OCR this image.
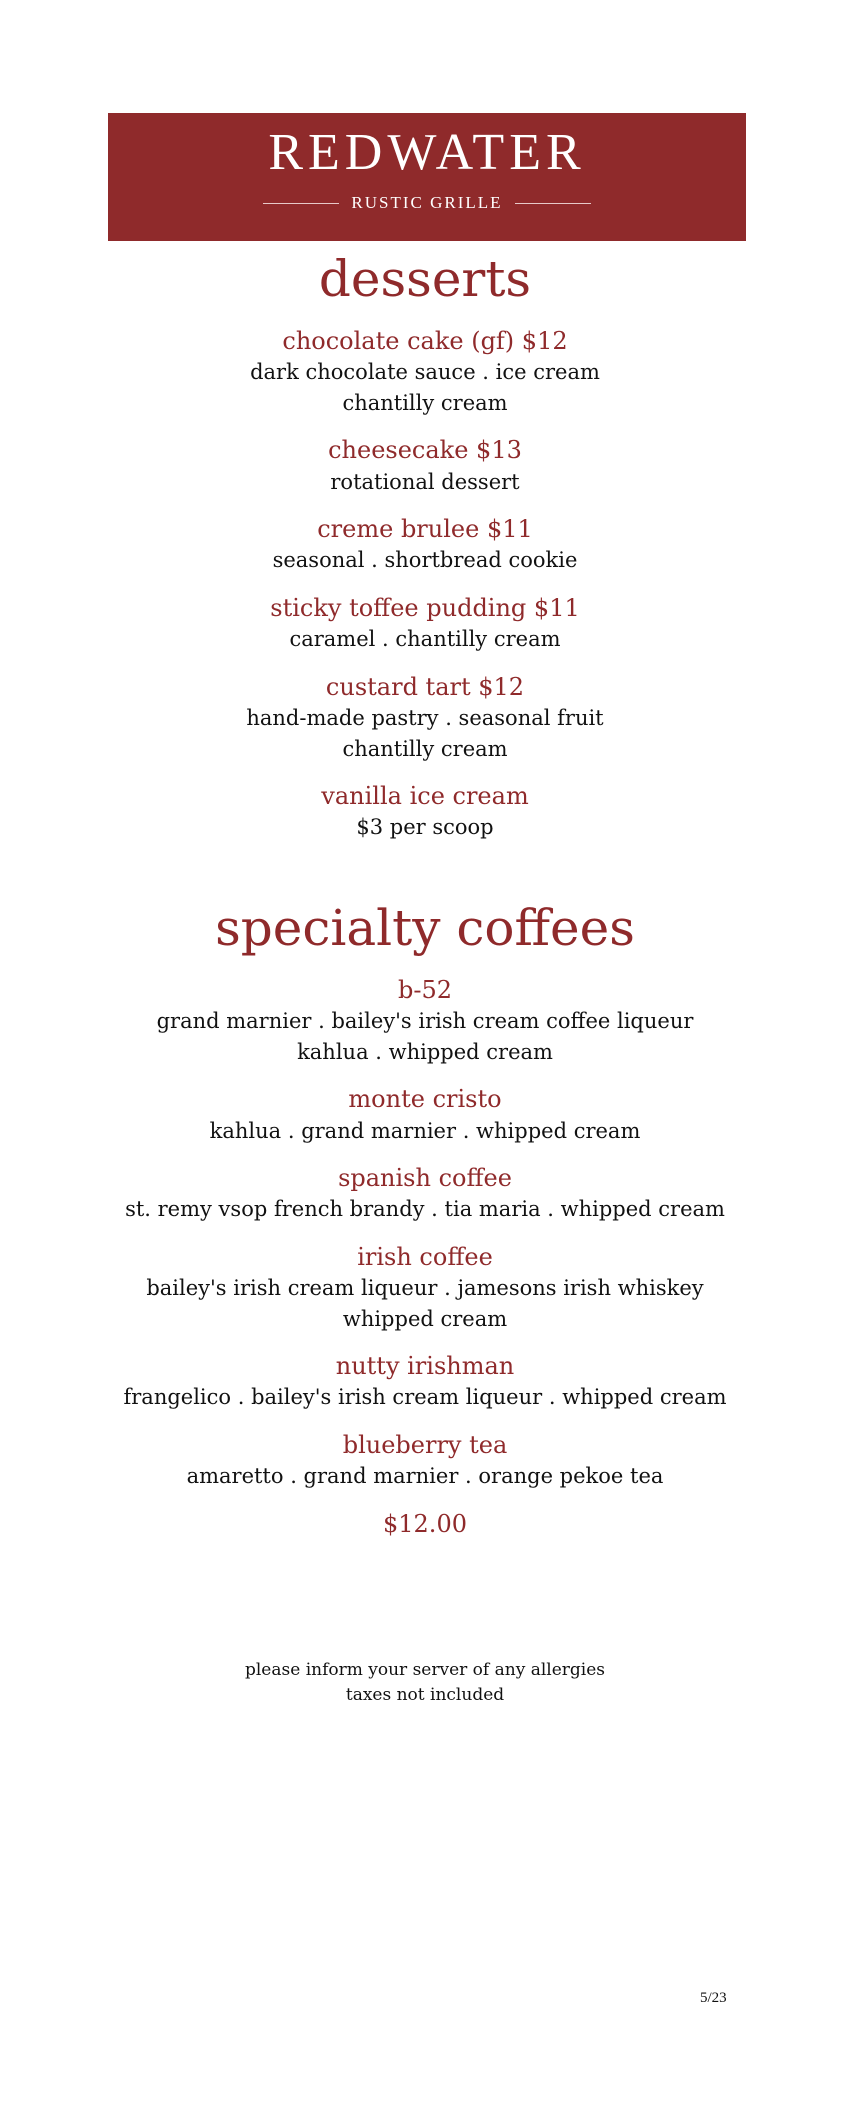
REDWATER
RUSTIC GRILLE
desserts
chocolate cake (gf) $12
dark chocolate sauce . ice cream
chantilly cream
cheesecake $13
rotational dessert
creme brulee $11
seasonal . shortbread cookie
sticky toffee pudding $11
caramel . chantilly cream
custard tart $12
hand-made pastry . seasonal fruit
chantilly cream
vanilla ice cream
$3 per scoop
specialty coffees
b-52
grand marnier . bailey's irish cream coffee liqueur
kahlua . whipped cream
monte cristo
kahlua . grand marnier . whipped cream
spanish coffee
st. remy vsop french brandy . tia maria . whipped cream
irish coffee
bailey's irish cream liqueur . jamesons irish whiskey
whipped cream
nutty irishman
frangelico . bailey's irish cream liqueur . whipped cream
blueberry tea
amaretto . grand marnier . orange pekoe tea
$12.00
please inform your server of any allergies
taxes not included
5/23
